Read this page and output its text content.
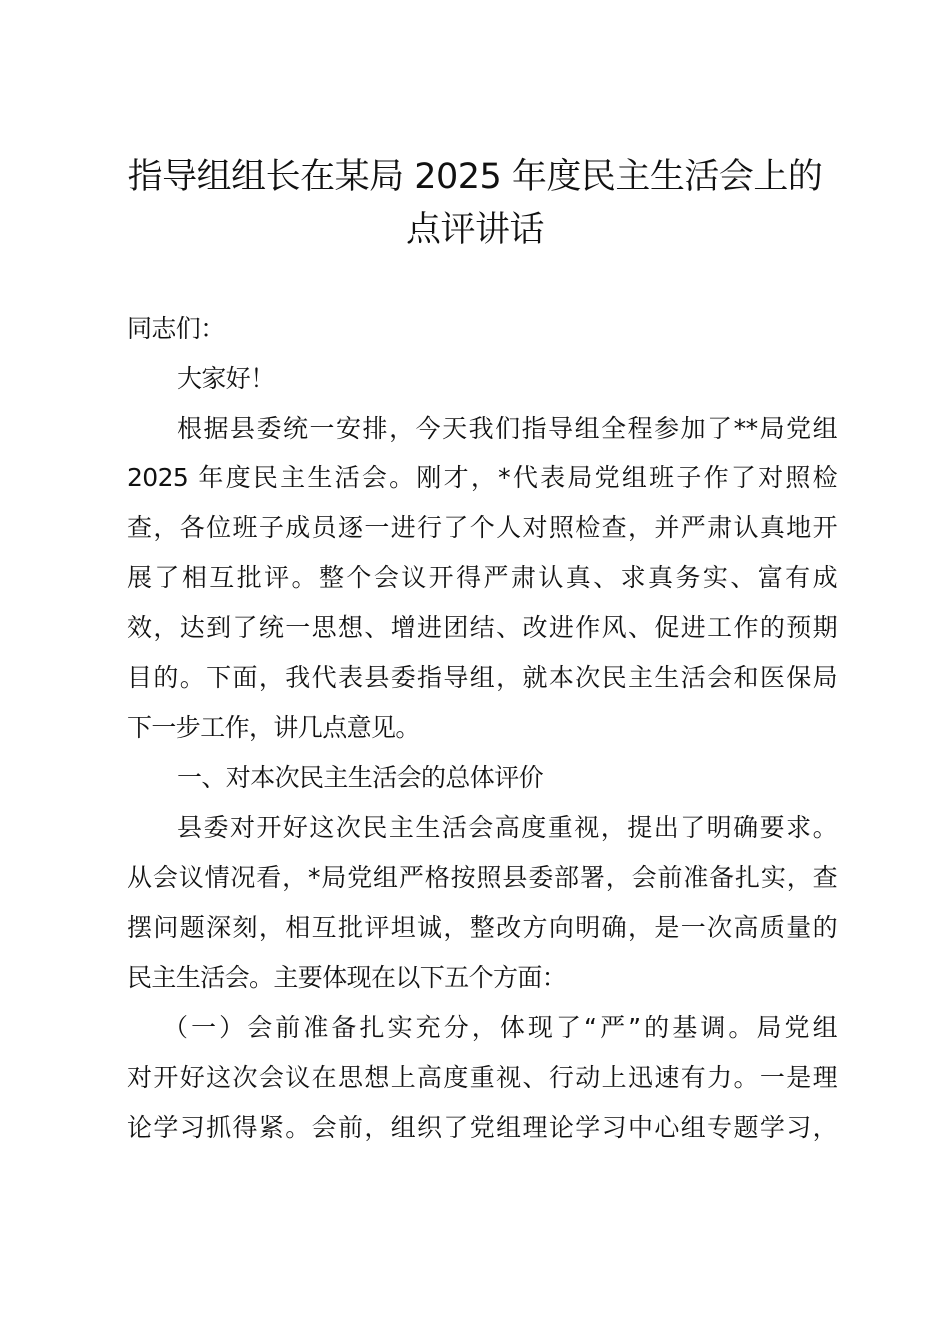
指导组组长在某局 2025 年度民主生活会上的
点评讲话
同志们：
大家好！
根据县委统一安排，今天我们指导组全程参加了**局党组
2025 年度民主生活会。刚才，*代表局党组班子作了对照检
查，各位班子成员逐一进行了个人对照检查，并严肃认真地开
展了相互批评。整个会议开得严肃认真、求真务实、富有成
效，达到了统一思想、增进团结、改进作风、促进工作的预期
目的。下面，我代表县委指导组，就本次民主生活会和医保局
下一步工作，讲几点意见。
一、对本次民主生活会的总体评价
县委对开好这次民主生活会高度重视，提出了明确要求。
从会议情况看，*局党组严格按照县委部署，会前准备扎实，查
摆问题深刻，相互批评坦诚，整改方向明确，是一次高质量的
民主生活会。主要体现在以下五个方面：
（一）会前准备扎实充分，体现了“严”的基调。局党组
对开好这次会议在思想上高度重视、行动上迅速有力。一是理
论学习抓得紧。会前，组织了党组理论学习中心组专题学习，
